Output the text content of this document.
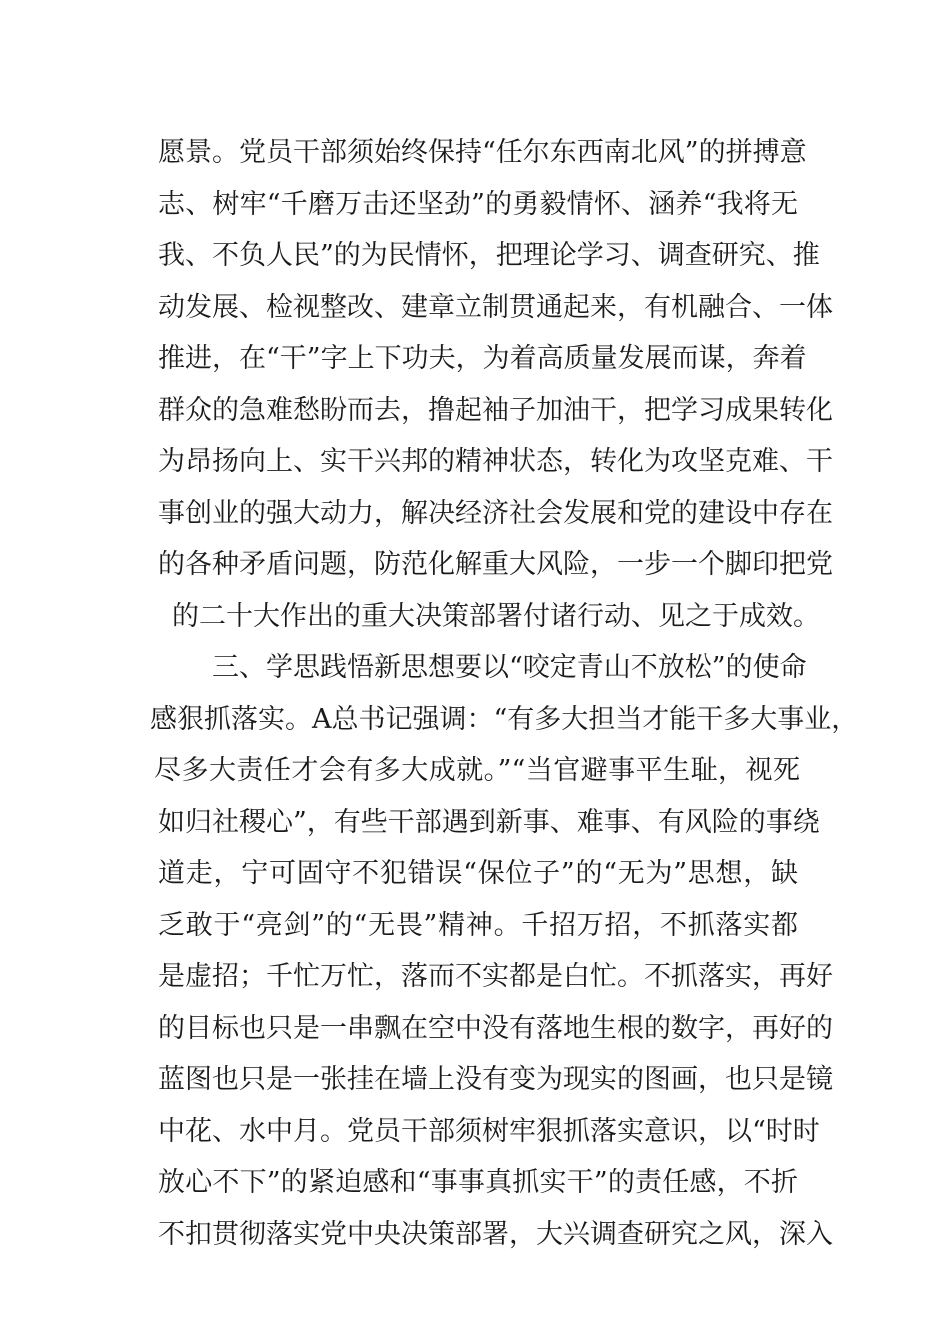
愿景。党员干部须始终保持“任尔东西南北风”的拼搏意
志、树牢“千磨万击还坚劲”的勇毅情怀、涵养“我将无
我、不负人民”的为民情怀，把理论学习、调查研究、推
动发展、检视整改、建章立制贯通起来，有机融合、一体
推进，在“干”字上下功夫，为着高质量发展而谋，奔着
群众的急难愁盼而去，撸起袖子加油干，把学习成果转化
为昂扬向上、实干兴邦的精神状态，转化为攻坚克难、干
事创业的强大动力，解决经济社会发展和党的建设中存在
的各种矛盾问题，防范化解重大风险，一步一个脚印把党
的二十大作出的重大决策部署付诸行动、见之于成效。
三、学思践悟新思想要以“咬定青山不放松”的使命
感狠抓落实。A总书记强调：“有多大担当才能干多大事业，
尽多大责任才会有多大成就。”“当官避事平生耻，视死
如归社稷心”，有些干部遇到新事、难事、有风险的事绕
道走，宁可固守不犯错误“保位子”的“无为”思想，缺
乏敢于“亮剑”的“无畏”精神。千招万招，不抓落实都
是虚招；千忙万忙，落而不实都是白忙。不抓落实，再好
的目标也只是一串飘在空中没有落地生根的数字，再好的
蓝图也只是一张挂在墙上没有变为现实的图画，也只是镜
中花、水中月。党员干部须树牢狠抓落实意识，以“时时
放心不下”的紧迫感和“事事真抓实干”的责任感，不折
不扣贯彻落实党中央决策部署，大兴调查研究之风，深入
